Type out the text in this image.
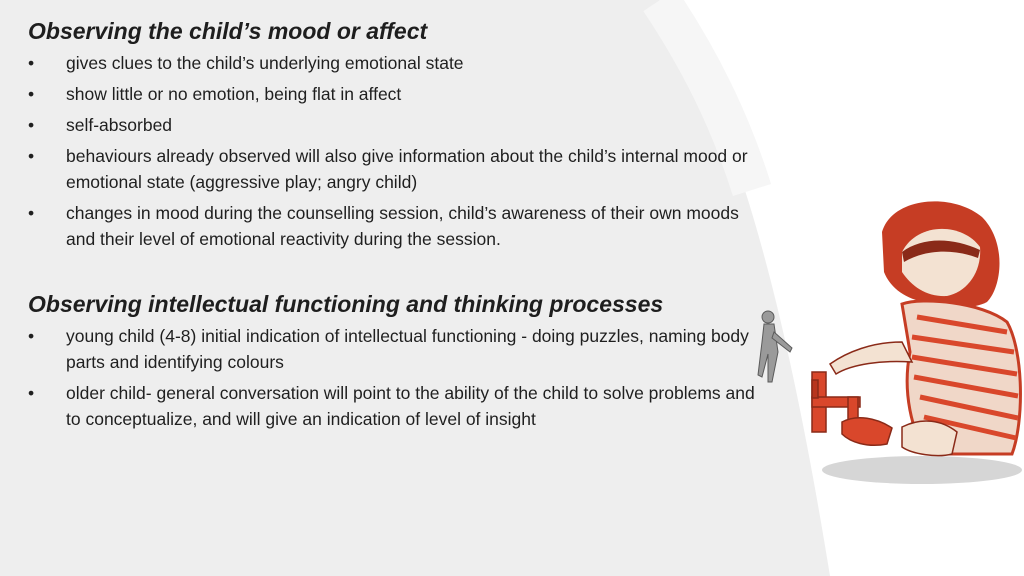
Observing the child’s mood or affect
• gives clues to the child’s underlying emotional state
• show little or no emotion, being flat in affect
• self-absorbed
• behaviours already observed will also give information about the child’s internal mood or emotional state (aggressive play; angry child)
• changes in mood during the counselling session, child’s awareness of their own moods and their level of emotional reactivity during the session.
Observing intellectual functioning and thinking processes
• young child (4-8) initial indication of intellectual functioning - doing puzzles, naming body parts and identifying colours
• older child- general conversation will point to the ability of the child to solve problems and to conceptualize, and will give an indication of level of insight
